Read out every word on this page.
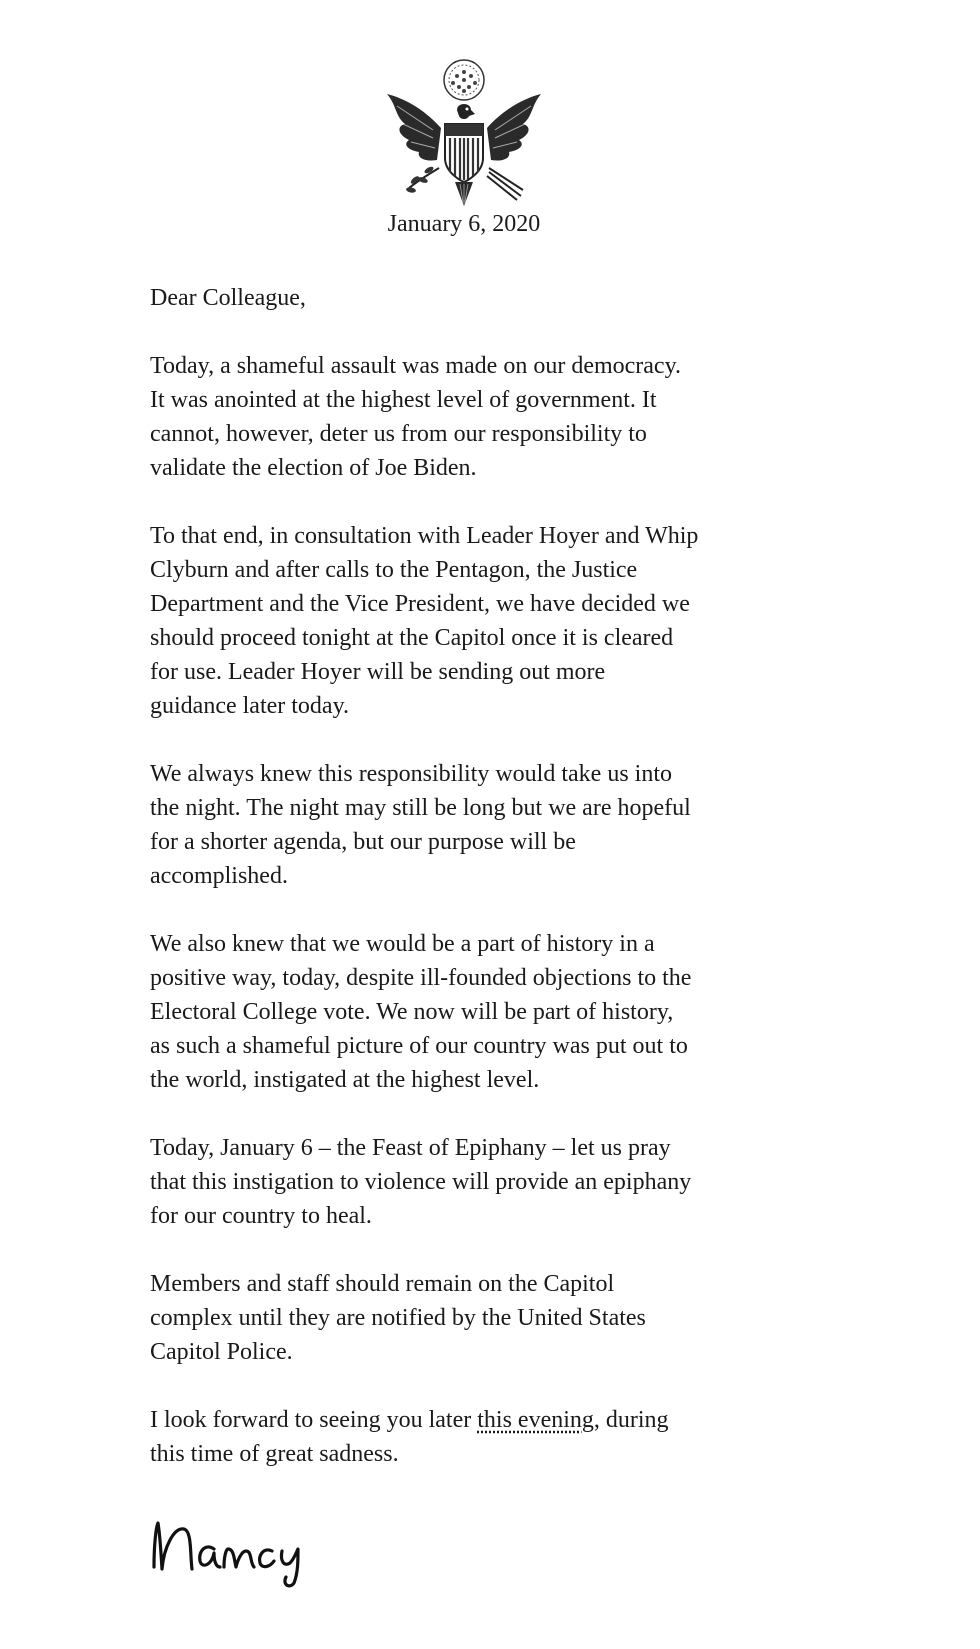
January 6, 2020

Dear Colleague,

Today, a shameful assault was made on our democracy.
It was anointed at the highest level of government. It
cannot, however, deter us from our responsibility to
validate the election of Joe Biden.

To that end, in consultation with Leader Hoyer and Whip
Clyburn and after calls to the Pentagon, the Justice
Department and the Vice President, we have decided we
should proceed tonight at the Capitol once it is cleared
for use. Leader Hoyer will be sending out more
guidance later today.

We always knew this responsibility would take us into
the night. The night may still be long but we are hopeful
for a shorter agenda, but our purpose will be
accomplished.

We also knew that we would be a part of history in a
positive way, today, despite ill-founded objections to the
Electoral College vote. We now will be part of history,
as such a shameful picture of our country was put out to
the world, instigated at the highest level.

Today, January 6 – the Feast of Epiphany – let us pray
that this instigation to violence will provide an epiphany
for our country to heal.

Members and staff should remain on the Capitol
complex until they are notified by the United States
Capitol Police.

I look forward to seeing you later this evening, during
this time of great sadness.
